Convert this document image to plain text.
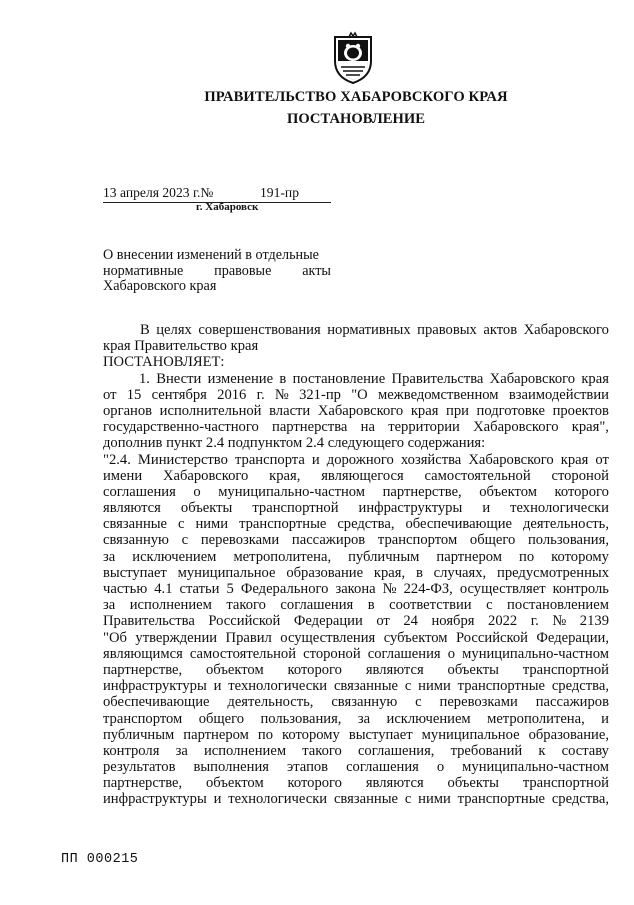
ПРАВИТЕЛЬСТВО ХАБАРОВСКОГО КРАЯ
ПОСТАНОВЛЕНИЕ
13 апреля 2023 г.№	191-пр
г. Хабаровск
О внесении изменений в отдельные
нормативные правовые акты
Хабаровского края
В целях совершенствования нормативных правовых актов Хабаровского
края Правительство края
ПОСТАНОВЛЯЕТ:
1. Внести изменение в постановление Правительства Хабаровского края
от 15 сентября 2016 г. № 321-пр "О межведомственном взаимодействии
органов исполнительной власти Хабаровского края при подготовке проектов
государственно-частного партнерства на территории Хабаровского края",
дополнив пункт 2.4 подпунктом 2.4 следующего содержания:
"2.4. Министерство транспорта и дорожного хозяйства Хабаровского края от
имени Хабаровского края, являющегося самостоятельной стороной
соглашения о муниципально-частном партнерстве, объектом которого
являются объекты транспортной инфраструктуры и технологически
связанные с ними транспортные средства, обеспечивающие деятельность,
связанную с перевозками пассажиров транспортом общего пользования,
за исключением метрополитена, публичным партнером по которому
выступает муниципальное образование края, в случаях, предусмотренных
частью 4.1 статьи 5 Федерального закона № 224-ФЗ, осуществляет контроль
за исполнением такого соглашения в соответствии с постановлением
Правительства Российской Федерации от 24 ноября 2022 г. № 2139
"Об утверждении Правил осуществления субъектом Российской Федерации,
являющимся самостоятельной стороной соглашения о муниципально-частном
партнерстве, объектом которого являются объекты транспортной
инфраструктуры и технологически связанные с ними транспортные средства,
обеспечивающие деятельность, связанную с перевозками пассажиров
транспортом общего пользования, за исключением метрополитена, и
публичным партнером по которому выступает муниципальное образование,
контроля за исполнением такого соглашения, требований к составу
результатов выполнения этапов соглашения о муниципально-частном
партнерстве, объектом которого являются объекты транспортной
инфраструктуры и технологически связанные с ними транспортные средства,
ПП 000215
